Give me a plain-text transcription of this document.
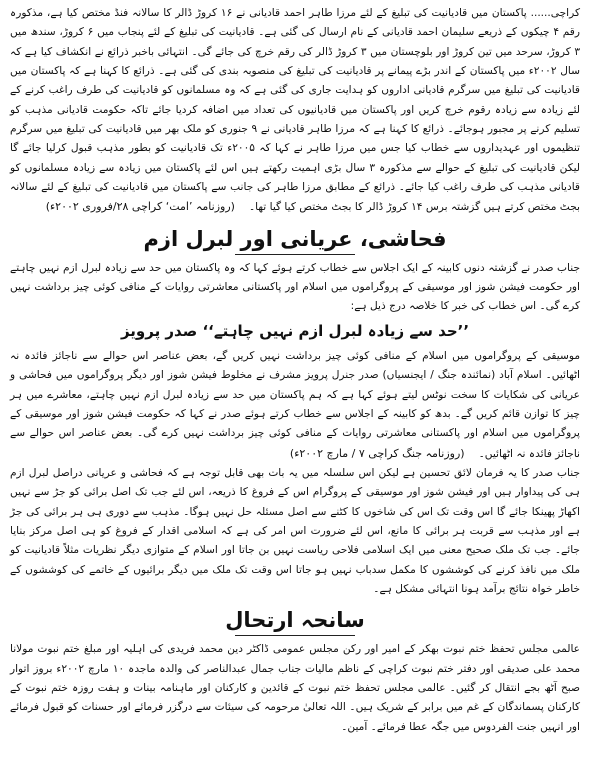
کراچی...... پاکستان میں قادیانیت کی تبلیغ کے لئے مرزا طاہر احمد قادیانی نے ۱۶ کروڑ ڈالر کا سالانہ فنڈ مختص کیا ہے، مذکورہ رقم ۴ چیکوں کے ذریعے سلیمان احمد قادیانی کے نام ارسال کی گئی ہے۔ قادیانیت کی تبلیغ کے لئے پنجاب میں ۶ کروڑ، سندھ میں ۳ کروڑ، سرحد میں تین کروڑ اور بلوچستان میں ۳ کروڑ ڈالر کی رقم خرچ کی جائے گی۔ انتہائی باخبر ذرائع نے انکشاف کیا ہے کہ سال ۲۰۰۲ء میں پاکستان کے اندر بڑے پیمانے پر قادیانیت کی تبلیغ کی منصوبہ بندی کی گئی ہے۔ ذرائع کا کہنا ہے کہ پاکستان میں قادیانیت کی تبلیغ میں سرگرم قادیانی اداروں کو ہدایت جاری کی گئی ہے کہ وہ مسلمانوں کو قادیانیت کی طرف راغب کرنے کے لئے زیادہ سے زیادہ رقوم خرچ کریں اور پاکستان میں قادیانیوں کی تعداد میں اضافہ کردیا جائے تاکہ حکومت قادیانی مذہب کو تسلیم کرنے پر مجبور ہوجائے۔ ذرائع کا کہنا ہے کہ مرزا طاہر قادیانی نے ۹ جنوری کو ملک بھر میں قادیانیت کی تبلیغ میں سرگرم تنظیموں اور عہدیداروں سے خطاب کیا جس میں مرزا طاہر نے کہا کہ ۲۰۰۵ء تک قادیانیت کو بطور مذہب قبول کرلیا جائے گا لیکن قادیانیت کی تبلیغ کے حوالے سے مذکورہ ۳ سال بڑی اہمیت رکھتے ہیں اس لئے پاکستان میں زیادہ سے زیادہ مسلمانوں کو قادیانی مذہب کی طرف راغب کیا جائے۔ ذرائع کے مطابق مرزا طاہر کی جانب سے پاکستان میں قادیانیت کی تبلیغ کے لئے سالانہ بجٹ مختص کرتے ہیں گزشتہ برس ۱۴ کروڑ ڈالر کا بجٹ مختص کیا گیا تھا۔(روزنامہ ’امت‘ کراچی ۲۸/فروری ۲۰۰۲ء)

فحاشی، عریانی اور لبرل ازم

جناب صدر نے گزشتہ دنوں کابینہ کے ایک اجلاس سے خطاب کرتے ہوئے کہا کہ وہ پاکستان میں حد سے زیادہ لبرل ازم نہیں چاہتے اور حکومت فیشن شوز اور موسیقی کے پروگراموں میں اسلام اور پاکستانی معاشرتی روایات کے منافی کوئی چیز برداشت نہیں کرے گی۔ اس خطاب کی خبر کا خلاصہ درج ذیل ہے:

’’حد سے زیادہ لبرل ازم نہیں چاہتے‘‘ صدر پرویز

موسیقی کے پروگراموں میں اسلام کے منافی کوئی چیز برداشت نہیں کریں گے، بعض عناصر اس حوالے سے ناجائز فائدہ نہ اٹھائیں۔ اسلام آباد (نمائندہ جنگ / ایجنسیاں) صدر جنرل پرویز مشرف نے مخلوط فیشن شوز اور دیگر پروگراموں میں فحاشی و عریانی کی شکایات کا سخت نوٹس لیتے ہوئے کہا ہے کہ ہم پاکستان میں حد سے زیادہ لبرل ازم نہیں چاہتے، معاشرے میں ہر چیز کا توازن قائم کریں گے۔ بدھ کو کابینہ کے اجلاس سے خطاب کرتے ہوئے صدر نے کہا کہ حکومت فیشن شوز اور موسیقی کے پروگراموں میں اسلام اور پاکستانی معاشرتی روایات کے منافی کوئی چیز برداشت نہیں کرے گی۔ بعض عناصر اس حوالے سے ناجائز فائدہ نہ اٹھائیں۔(روزنامہ جنگ کراچی ۷ / مارچ ۲۰۰۲ء)

جناب صدر کا یہ فرمان لائق تحسین ہے لیکن اس سلسلہ میں یہ بات بھی قابل توجہ ہے کہ فحاشی و عریانی دراصل لبرل ازم ہی کی پیداوار ہیں اور فیشن شوز اور موسیقی کے پروگرام اس کے فروغ کا ذریعہ، اس لئے جب تک اصل برائی کو جڑ سے نہیں اکھاڑ پھینکا جائے گا اس وقت تک اس کی شاخوں کا کٹنے سے اصل مسئلہ حل نہیں ہوگا۔ مذہب سے دوری ہی ہر برائی کی جڑ ہے اور مذہب سے قربت ہر برائی کا مانع، اس لئے ضرورت اس امر کی ہے کہ اسلامی اقدار کے فروغ کو ہی اصل مرکز بنایا جائے۔ جب تک ملک صحیح معنی میں ایک اسلامی فلاحی ریاست نہیں بن جاتا اور اسلام کے متوازی دیگر نظریات مثلاً قادیانیت کو ملک میں نافذ کرنے کی کوششوں کا مکمل سدباب نہیں ہو جاتا اس وقت تک ملک میں دیگر برائیوں کے خاتمے کی کوششوں کے خاطر خواہ نتائج برآمد ہونا انتہائی مشکل ہے۔

سانحہ ارتحال

عالمی مجلس تحفظ ختم نبوت بھکر کے امیر اور رکن مجلس عمومی ڈاکٹر دین محمد فریدی کی اہلیہ اور مبلغ ختم نبوت مولانا محمد علی صدیقی اور دفتر ختم نبوت کراچی کے ناظم مالیات جناب جمال عبدالناصر کی والدہ ماجدہ ۱۰ مارچ ۲۰۰۲ء بروز اتوار صبح آٹھ بجے انتقال کر گئیں۔ عالمی مجلس تحفظ ختم نبوت کے قائدین و کارکنان اور ماہنامہ بینات و ہفت روزہ ختم نبوت کے کارکنان پسماندگان کے غم میں برابر کے شریک ہیں۔ اللہ تعالیٰ مرحومہ کی سیئات سے درگزر فرمائے اور حسنات کو قبول فرمائے اور انہیں جنت الفردوس میں جگہ عطا فرمائے۔ آمین۔
